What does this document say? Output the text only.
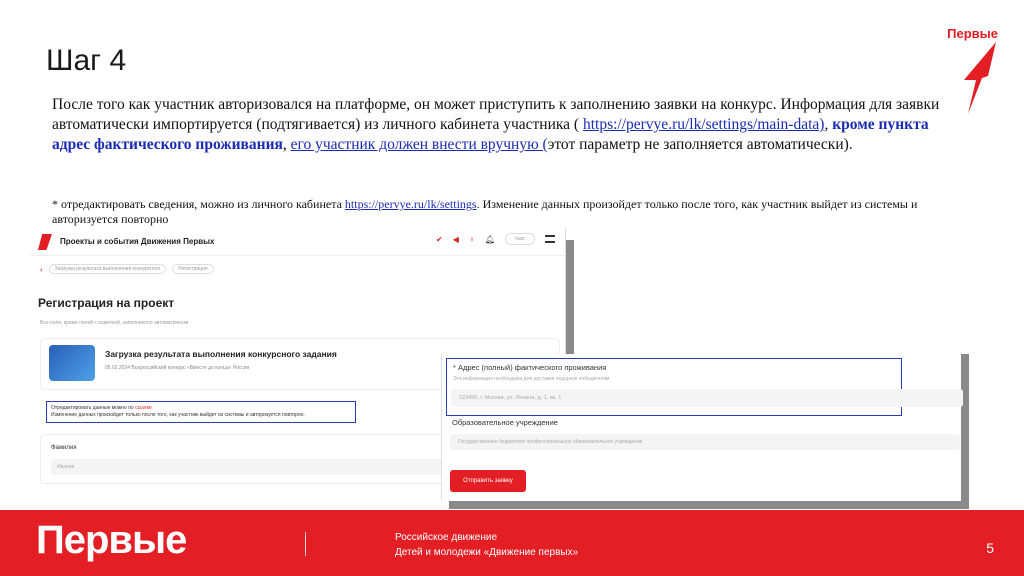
Шаг 4
Первые
После того как участник авторизовался на платформе, он может приступить к заполнению заявки на конкурс. Информация для заявки автоматически импортируется (подтягивается) из личного кабинета участника ( https://pervye.ru/lk/settings/main-data), кроме пункта адрес фактического проживания, его участник должен внести вручную (этот параметр не заполняется автоматически).
* отредактировать сведения, можно из личного кабинета https://pervye.ru/lk/settings. Изменение данных произойдет только после того, как участник выйдет из системы и авторизуется повторно
Проекты и события Движения Первых	✔ ◀ ♀ 🔔︎	Ivan
‹	Загрузка результата выполнения конкурсного	Регистрация
Регистрация на проект
Все поля, кроме полей с пометкой, заполняются автоматически
Загрузка результата выполнения конкурсного задания
05.02.2024 Всероссийский конкурс «Вместе до конца» Россия
Отредактировать данные можно по ссылке
Изменение данных произойдет только после того, как участник выйдет из системы и авторизуется повторно.
Фамилия
Иванов
* Адрес (полный) фактического проживания
Эта информация необходима для доставки подарков победителям
123456, г. Москва, ул. Ленина, д. 1, кв. 1
Образовательное учреждение
Государственное бюджетное профессиональное образовательное учреждение
Отправить заявку
Первые	Российское движение
Детей и молодежи «Движение первых»	5
